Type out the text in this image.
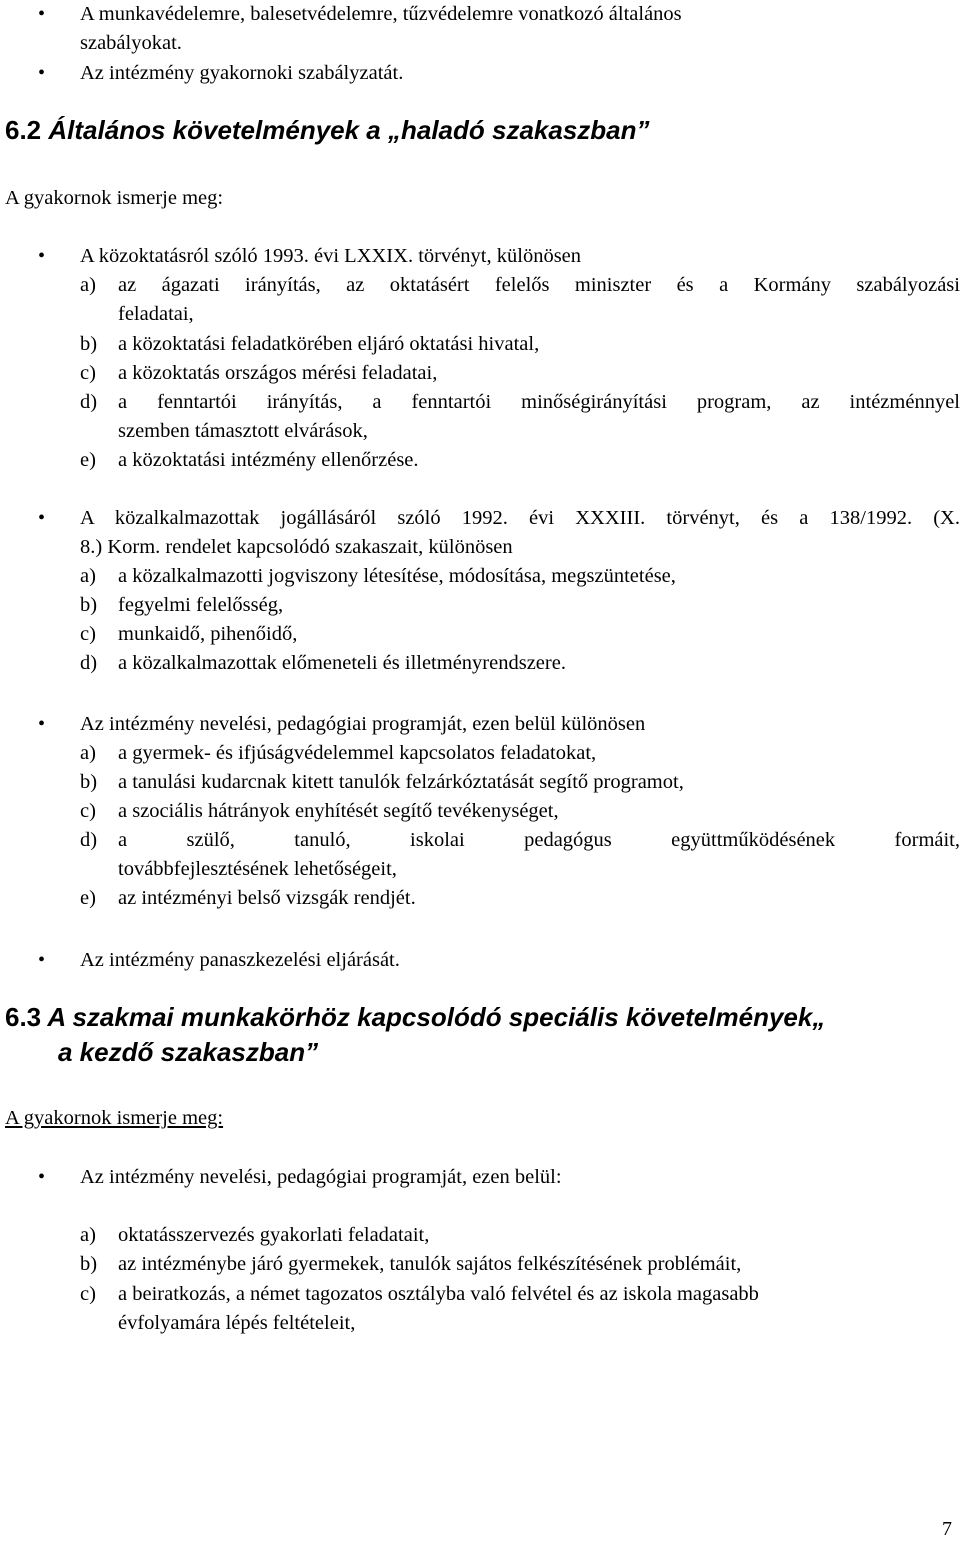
• A munkavédelemre, balesetvédelemre, tűzvédelemre vonatkozó általános
szabályokat.
• Az intézmény gyakornoki szabályzatát.
6.2 Általános követelmények a „haladó szakaszban”
A gyakornok ismerje meg:
• A közoktatásról szóló 1993. évi LXXIX. törvényt, különösen
a)	az ágazati irányítás, az oktatásért felelős miniszter és a Kormány szabályozási
feladatai,
b)	a közoktatási feladatkörében eljáró oktatási hivatal,
c)	a közoktatás országos mérési feladatai,
d)	a fenntartói irányítás, a fenntartói minőségirányítási program, az intézménnyel
szemben támasztott elvárások,
e)	a közoktatási intézmény ellenőrzése.
• A közalkalmazottak jogállásáról szóló 1992. évi XXXIII. törvényt, és a 138/1992. (X.
8.) Korm. rendelet kapcsolódó szakaszait, különösen
a)	a közalkalmazotti jogviszony létesítése, módosítása, megszüntetése,
b)	fegyelmi felelősség,
c)	munkaidő, pihenőidő,
d)	a közalkalmazottak előmeneteli és illetményrendszere.
• Az intézmény nevelési, pedagógiai programját, ezen belül különösen
a)	a gyermek- és ifjúságvédelemmel kapcsolatos feladatokat,
b)	a tanulási kudarcnak kitett tanulók felzárkóztatását segítő programot,
c)	a szociális hátrányok enyhítését segítő tevékenységet,
d)	a szülő, tanuló, iskolai pedagógus együttműködésének formáit,
továbbfejlesztésének lehetőségeit,
e)	az intézményi belső vizsgák rendjét.
• Az intézmény panaszkezelési eljárását.
6.3 A szakmai munkakörhöz kapcsolódó speciális követelmények„
a kezdő szakaszban”
A gyakornok ismerje meg:
• Az intézmény nevelési, pedagógiai programját, ezen belül:
a)	oktatásszervezés gyakorlati feladatait,
b)	az intézménybe járó gyermekek, tanulók sajátos felkészítésének problémáit,
c)	a beiratkozás, a német tagozatos osztályba való felvétel és az iskola magasabb
évfolyamára lépés feltételeit,
7
